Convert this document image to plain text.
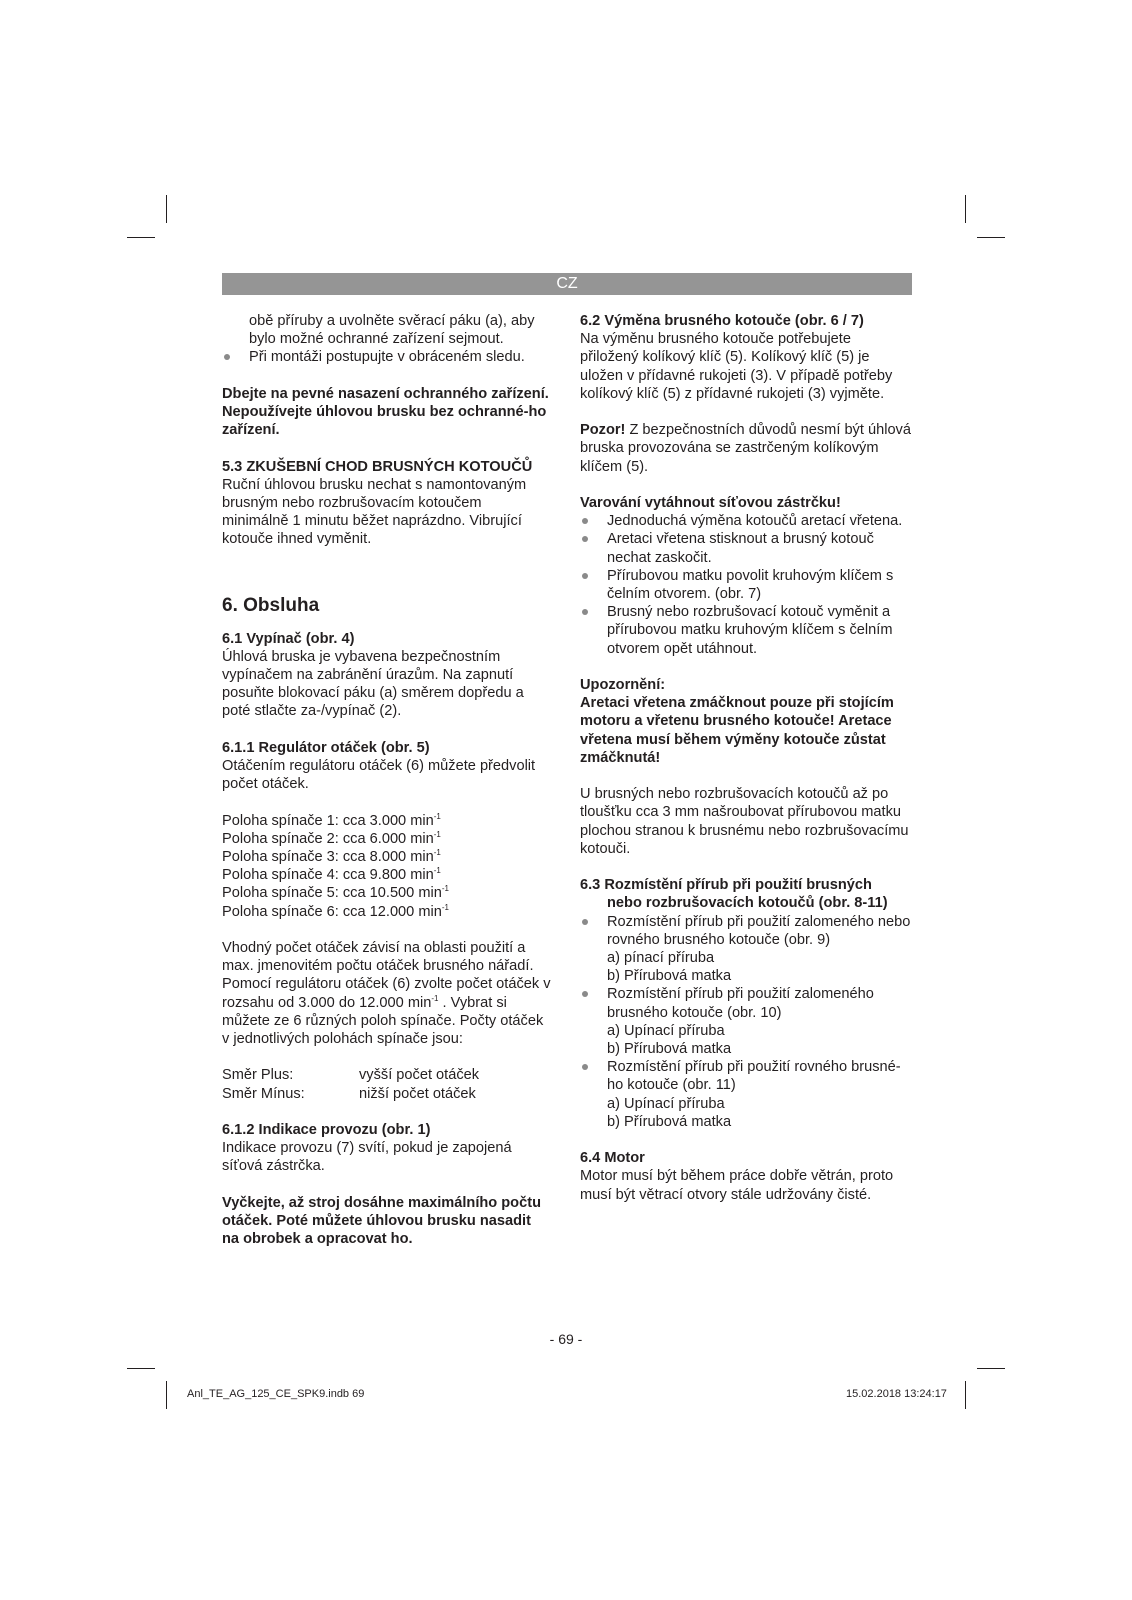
CZ

obě příruby a uvolněte svěrací páku (a), aby bylo možné ochranné zařízení sejmout.

Při montáži postupujte v obráceném sledu.

Dbejte na pevné nasazení ochranného zařízení.

Nepoužívejte úhlovou brusku bez ochranné-ho zařízení.

5.3 ZKUŠEBNÍ CHOD BRUSNÝCH KOTOUČŮ

Ruční úhlovou brusku nechat s namontovaným brusným nebo rozbrušovacím kotoučem minimálně 1 minutu běžet naprázdno. Vibrující kotouče ihned vyměnit.

6. Obsluha

6.1 Vypínač (obr. 4)

Úhlová bruska je vybavena bezpečnostním vypínačem na zabránění úrazům. Na zapnutí posuňte blokovací páku (a) směrem dopředu a poté stlačte za-/vypínač (2).

6.1.1 Regulátor otáček (obr. 5)

Otáčením regulátoru otáček (6) můžete předvolit počet otáček.

Poloha spínače 1: cca 3.000 $\min^{-1}$

Poloha spínače 2: cca 6.000 $\min^{-1}$

Poloha spínače 3: cca 8.000 $\min^{-1}$

Poloha spínače 4: cca 9.800 $\min^{-1}$

Poloha spínače 5: cca 10.500 $\min^{-1}$

Poloha spínače 6: cca 12.000 $\min^{-1}$

Vhodný počet otáček závisí na oblasti použití a max. jmenovitém počtu otáček brusného nářadí. Pomocí regulátoru otáček (6) zvolte počet otáček v rozsahu od 3.000 do 12.000 $\min^{-1}$ . Vybrat si můžete ze 6 různých poloh spínače. Počty otáček v jednotlivých polohách spínače jsou:

Směr Plus:	vyšší počet otáček
Směr Mínus:	nižší počet otáček

6.1.2 Indikace provozu (obr. 1)

Indikace provozu (7) svítí, pokud je zapojená síťová zástrčka.

Vyčkejte, až stroj dosáhne maximálního počtu otáček. Poté můžete úhlovou brusku nasadit na obrobek a opracovat ho.

6.2 Výměna brusného kotouče (obr. 6 / 7)

Na výměnu brusného kotouče potřebujete přiložený kolíkový klíč (5). Kolíkový klíč (5) je uložen v přídavné rukojeti (3). V případě potřeby kolíkový klíč (5) z přídavné rukojeti (3) vyjměte.

Pozor! Z bezpečnostních důvodů nesmí být úhlová bruska provozována se zastrčeným kolíkovým klíčem (5).

Varování vytáhnout síťovou zástrčku!

Jednoduchá výměna kotoučů aretací vřetena.
Aretaci vřetena stisknout a brusný kotouč nechat zaskočit.
Přírubovou matku povolit kruhovým klíčem s čelním otvorem. (obr. 7)
Brusný nebo rozbrušovací kotouč vyměnit a přírubovou matku kruhovým klíčem s čelním otvorem opět utáhnout.

Upozornění:

Aretaci vřetena zmáčknout pouze při stojícím motoru a vřetenu brusného kotouče! Aretace vřetena musí během výměny kotouče zůstat zmáčknutá!

U brusných nebo rozbrušovacích kotoučů až po tloušťku cca 3 mm našroubovat přírubovou matku plochou stranou k brusnému nebo rozbrušovacímu kotouči.

6.3 Rozmístění přírub při použití brusných

nebo rozbrušovacích kotoučů (obr. 8-11)

Rozmístění přírub při použití zalomeného nebo rovného brusného kotouče (obr. 9)

a) pínací příruba

b) Přírubová matka

Rozmístění přírub při použití zalomeného brusného kotouče (obr. 10)

a) Upínací příruba

b) Přírubová matka

Rozmístění přírub při použití rovného brusné-ho kotouče (obr. 11)

a) Upínací příruba

b) Přírubová matka

6.4 Motor

Motor musí být během práce dobře větrán, proto musí být větrací otvory stále udržovány čisté.

- 69 -
Anl_TE_AG_125_CE_SPK9.indb 69	15.02.2018 13:24:17
